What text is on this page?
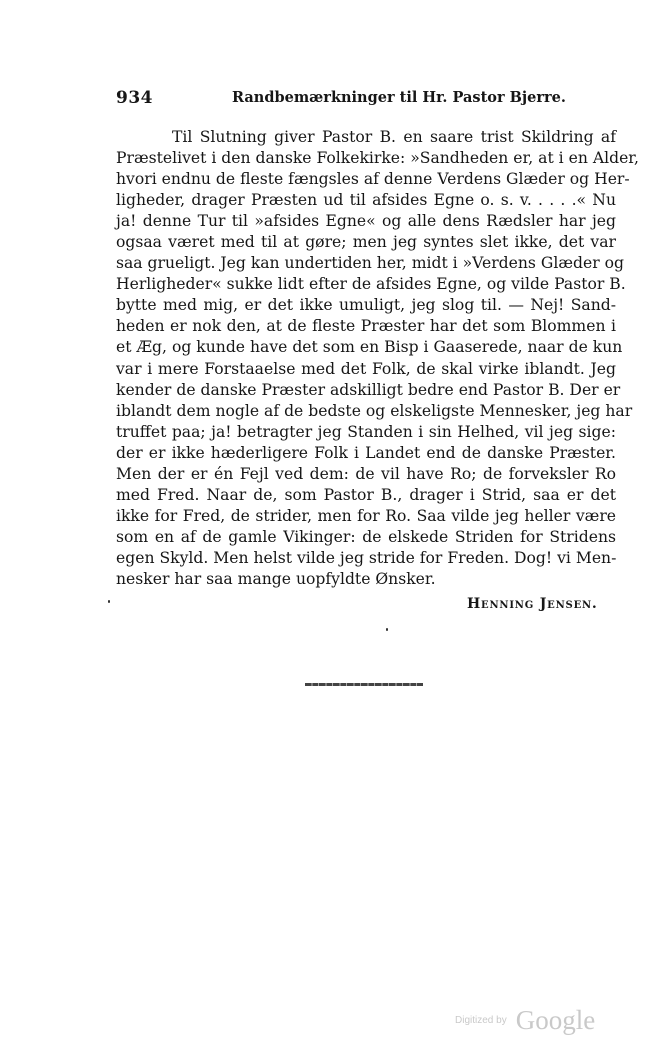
934	Randbemærkninger til Hr. Pastor Bjerre.
Til Slutning giver Pastor B. en saare trist Skildring af
Præstelivet i den danske Folkekirke: »Sandheden er, at i en Alder,
hvori endnu de fleste fængsles af denne Verdens Glæder og Her-
ligheder, drager Præsten ud til afsides Egne o. s. v. . . . .« Nu
ja! denne Tur til »afsides Egne« og alle dens Rædsler har jeg
ogsaa været med til at gøre; men jeg syntes slet ikke, det var
saa grueligt. Jeg kan undertiden her, midt i »Verdens Glæder og
Herligheder« sukke lidt efter de afsides Egne, og vilde Pastor B.
bytte med mig, er det ikke umuligt, jeg slog til. — Nej! Sand-
heden er nok den, at de fleste Præster har det som Blommen i
et Æg, og kunde have det som en Bisp i Gaaserede, naar de kun
var i mere Forstaaelse med det Folk, de skal virke iblandt. Jeg
kender de danske Præster adskilligt bedre end Pastor B. Der er
iblandt dem nogle af de bedste og elskeligste Mennesker, jeg har
truffet paa; ja! betragter jeg Standen i sin Helhed, vil jeg sige:
der er ikke hæderligere Folk i Landet end de danske Præster.
Men der er én Fejl ved dem: de vil have Ro; de forveksler Ro
med Fred. Naar de, som Pastor B., drager i Strid, saa er det
ikke for Fred, de strider, men for Ro. Saa vilde jeg heller være
som en af de gamle Vikinger: de elskede Striden for Stridens
egen Skyld. Men helst vilde jeg stride for Freden. Dog! vi Men-
nesker har saa mange uopfyldte Ønsker.
Henning Jensen.
Digitized by Google
